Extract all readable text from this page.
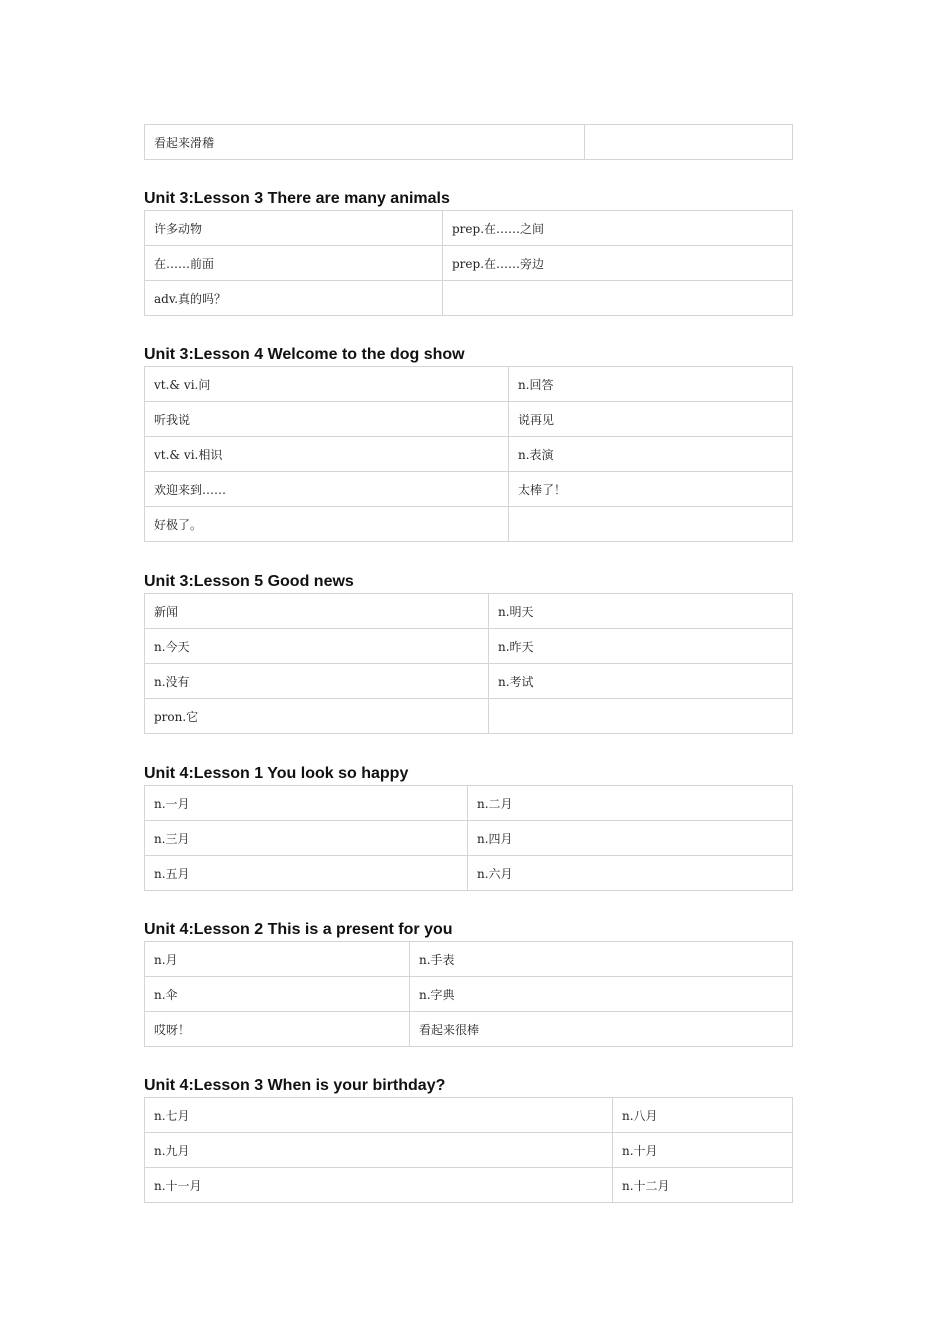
看起来滑稽	
Unit 3:Lesson 3 There are many animals
许多动物	prep.在……之间
在……前面	prep.在……旁边
adv.真的吗？	
Unit 3:Lesson 4 Welcome to the dog show
vt.& vi.问	n.回答
听我说	说再见
vt.& vi.相识	n.表演
欢迎来到……	太棒了！
好极了。	
Unit 3:Lesson 5 Good news
新闻	n.明天
n.今天	n.昨天
n.没有	n.考试
pron.它	
Unit 4:Lesson 1 You look so happy
n.一月	n.二月
n.三月	n.四月
n.五月	n.六月
Unit 4:Lesson 2 This is a present for you
n.月	n.手表
n.伞	n.字典
哎呀！	看起来很棒
Unit 4:Lesson 3 When is your birthday?
n.七月	n.八月
n.九月	n.十月
n.十一月	n.十二月
